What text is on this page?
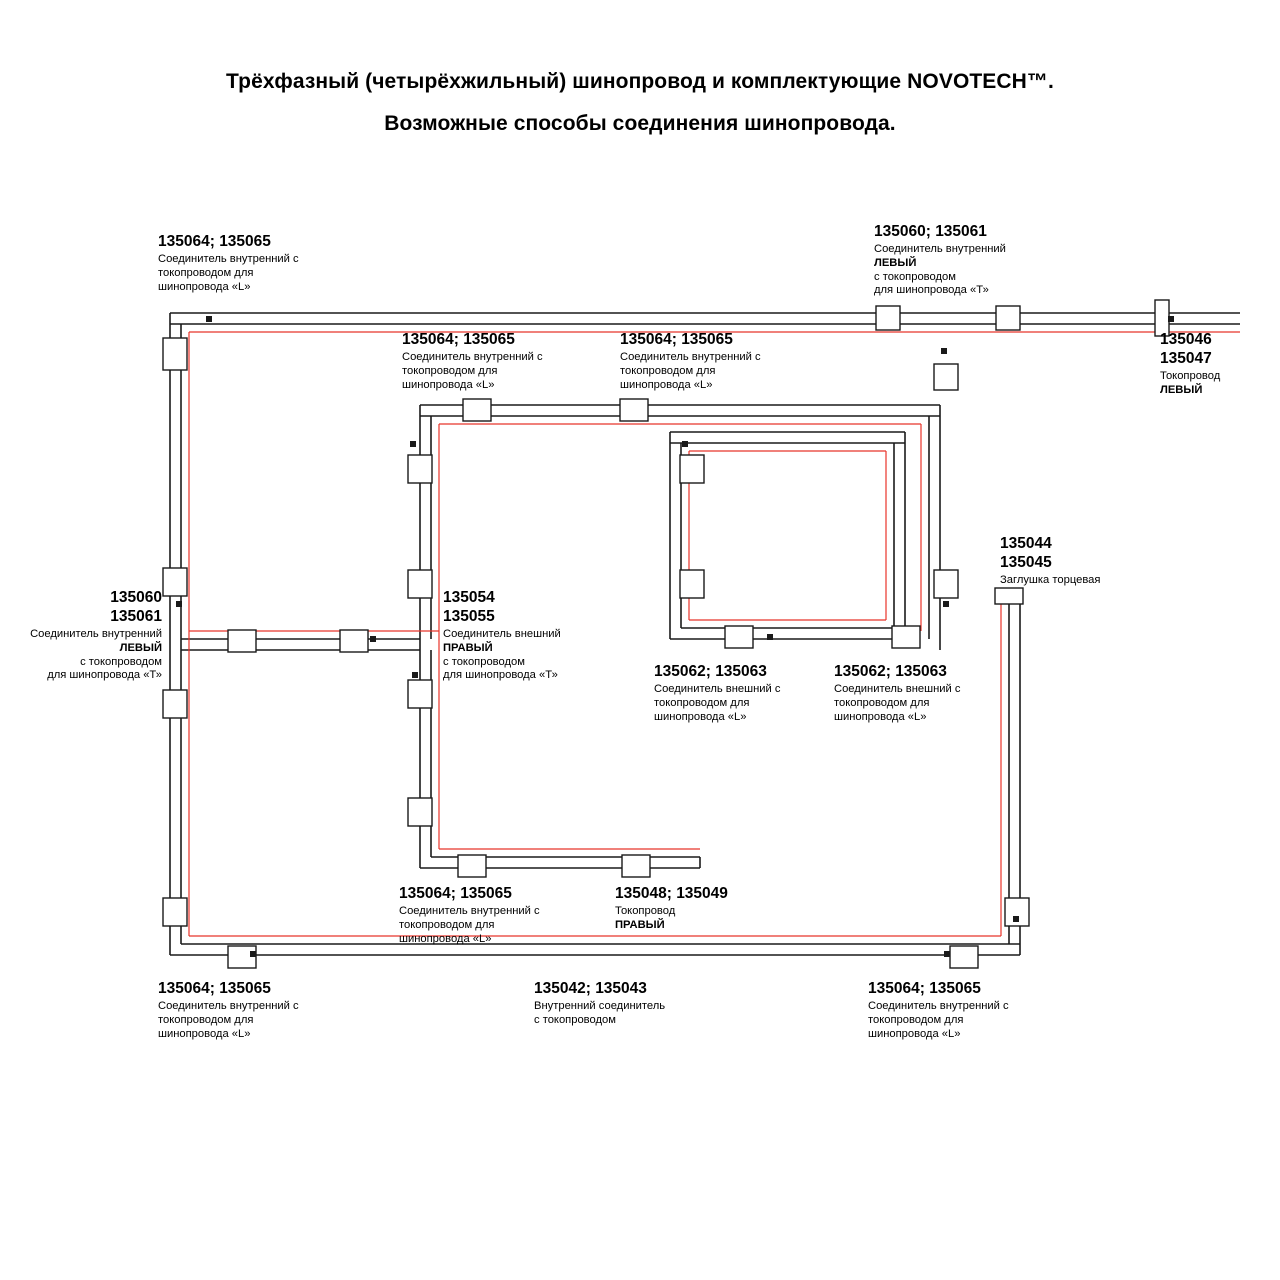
Трёхфазный (четырёхжильный) шинопровод и комплектующие NOVOTECH™.
Возможные способы соединения шинопровода.
135064; 135065
Соединитель внутренний с
токопроводом для
шинопровода «L»
135060; 135061
Соединитель внутренний
ЛЕВЫЙ
с токопроводом
для шинопровода «Т»
135046
135047
Токопровод
ЛЕВЫЙ
135064; 135065
Соединитель внутренний с
токопроводом для
шинопровода «L»
135064; 135065
Соединитель внутренний с
токопроводом для
шинопровода «L»
135044
135045
Заглушка торцевая
135060
135061
Соединитель внутренний
ЛЕВЫЙ
с токопроводом
для шинопровода «Т»
135054
135055
Соединитель внешний
ПРАВЫЙ
с токопроводом
для шинопровода «Т»	135062; 135063
Соединитель внешний с
токопроводом для
шинопровода «L»
135062; 135063
Соединитель внешний с
токопроводом для
шинопровода «L»
135064; 135065
Соединитель внутренний с
токопроводом для
шинопровода «L»
135048; 135049
Токопровод
ПРАВЫЙ
135064; 135065
Соединитель внутренний с
токопроводом для
шинопровода «L»
135042; 135043
Внутренний соединитель
с токопроводом
135064; 135065
Соединитель внутренний с
токопроводом для
шинопровода «L»
